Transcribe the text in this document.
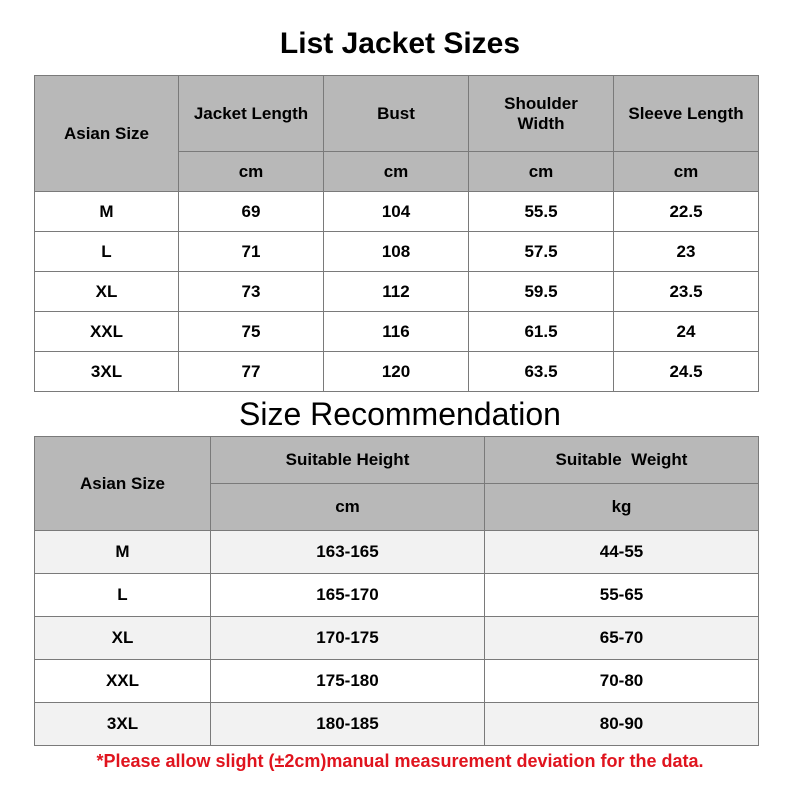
List Jacket Sizes
Asian Size	Jacket Length	Bust	Shoulder Width	Sleeve Length
	cm	cm	cm	cm
M	69	104	55.5	22.5
L	71	108	57.5	23
XL	73	112	59.5	23.5
XXL	75	116	61.5	24
3XL	77	120	63.5	24.5
Size Recommendation
Asian Size	Suitable Height	Suitable  Weight
	cm	kg
M	163-165	44-55
L	165-170	55-65
XL	170-175	65-70
XXL	175-180	70-80
3XL	180-185	80-90
*Please allow slight (±2cm)manual measurement deviation for the data.
